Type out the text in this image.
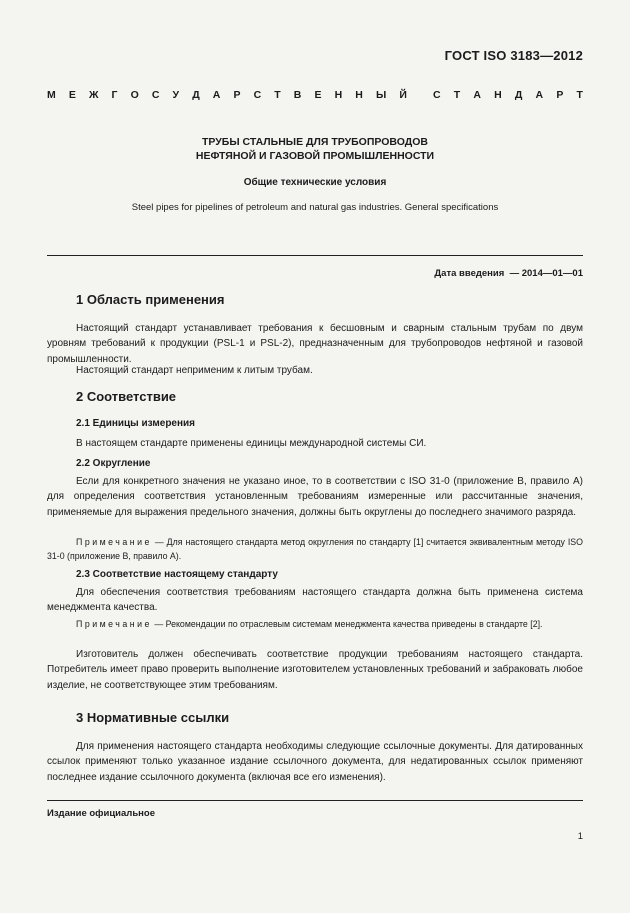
ГОСТ ISO 3183—2012
М Е Ж Г О С У Д А Р С Т В Е Н Н Ы Й С Т А Н Д А Р Т
ТРУБЫ СТАЛЬНЫЕ ДЛЯ ТРУБОПРОВОДОВ
НЕФТЯНОЙ И ГАЗОВОЙ ПРОМЫШЛЕННОСТИ
Общие технические условия
Steel pipes for pipelines of petroleum and natural gas industries. General specifications
Дата введения — 2014—01—01
1 Область применения
Настоящий стандарт устанавливает требования к бесшовным и сварным стальным трубам по двум уровням требований к продукции (PSL-1 и PSL-2), предназначенным для трубопроводов нефтяной и газовой промышленности.
Настоящий стандарт неприменим к литым трубам.
2 Соответствие
2.1 Единицы измерения
В настоящем стандарте применены единицы международной системы СИ.
2.2 Округление
Если для конкретного значения не указано иное, то в соответствии с ISO 31-0 (приложение В, правило А) для определения соответствия установленным требованиям измеренные или рассчитанные значения, применяемые для выражения предельного значения, должны быть округлены до последнего значимого разряда.
Примечание — Для настоящего стандарта метод округления по стандарту [1] считается эквивалентным методу ISO 31-0 (приложение В, правило А).
2.3 Соответствие настоящему стандарту
Для обеспечения соответствия требованиям настоящего стандарта должна быть применена система менеджмента качества.
Примечание — Рекомендации по отраслевым системам менеджмента качества приведены в стандарте [2].
Изготовитель должен обеспечивать соответствие продукции требованиям настоящего стандарта. Потребитель имеет право проверить выполнение изготовителем установленных требований и забраковать любое изделие, не соответствующее этим требованиям.
3 Нормативные ссылки
Для применения настоящего стандарта необходимы следующие ссылочные документы. Для датированных ссылок применяют только указанное издание ссылочного документа, для недатированных ссылок применяют последнее издание ссылочного документа (включая все его изменения).
Издание официальное
1
